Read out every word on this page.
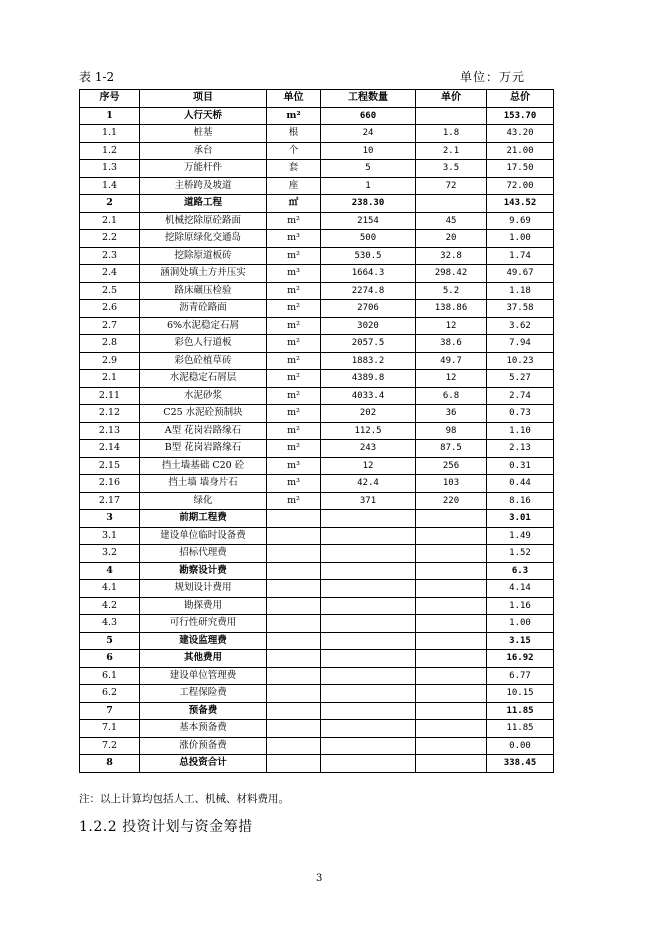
表 1-2	单位：万元
序号	项目	单位	工程数量	单价	总价
1	人行天桥	m²	660		153.70
1.1	桩基	根	24	1.8	43.20
1.2	承台	个	10	2.1	21.00
1.3	万能杆件	套	5	3.5	17.50
1.4	主桥跨及坡道	座	1	72	72.00
2	道路工程	㎡	238.30		143.52
2.1	机械挖除原砼路面	m²	2154	45	9.69
2.2	挖除原绿化交通岛	m³	500	20	1.00
2.3	挖除原道板砖	m²	530.5	32.8	1.74
2.4	涵洞处填土方并压实	m³	1664.3	298.42	49.67
2.5	路床碾压检验	m²	2274.8	5.2	1.18
2.6	沥青砼路面	m²	2706	138.86	37.58
2.7	6%水泥稳定石屑	m²	3020	12	3.62
2.8	彩色人行道板	m²	2057.5	38.6	7.94
2.9	彩色砼植草砖	m²	1883.2	49.7	10.23
2.1	水泥稳定石屑层	m²	4389.8	12	5.27
2.11	水泥砂浆	m²	4033.4	6.8	2.74
2.12	C25 水泥砼预制块	m²	202	36	0.73
2.13	A型 花岗岩路缘石	m²	112.5	98	1.10
2.14	B型 花岗岩路缘石	m²	243	87.5	2.13
2.15	挡土墙基础 C20 砼	m³	12	256	0.31
2.16	挡土墙 墙身片石	m³	42.4	103	0.44
2.17	绿化	m²	371	220	8.16
3	前期工程费				3.01
3.1	建设单位临时设备费				1.49
3.2	招标代理费				1.52
4	勘察设计费				6.3
4.1	规划设计费用				4.14
4.2	勘探费用				1.16
4.3	可行性研究费用				1.00
5	建设监理费				3.15
6	其他费用				16.92
6.1	建设单位管理费				6.77
6.2	工程保险费				10.15
7	预备费				11.85
7.1	基本预备费				11.85
7.2	涨价预备费				0.00
8	总投资合计				338.45
注：以上计算均包括人工、机械、材料费用。
1.2.2 投资计划与资金筹措
3
